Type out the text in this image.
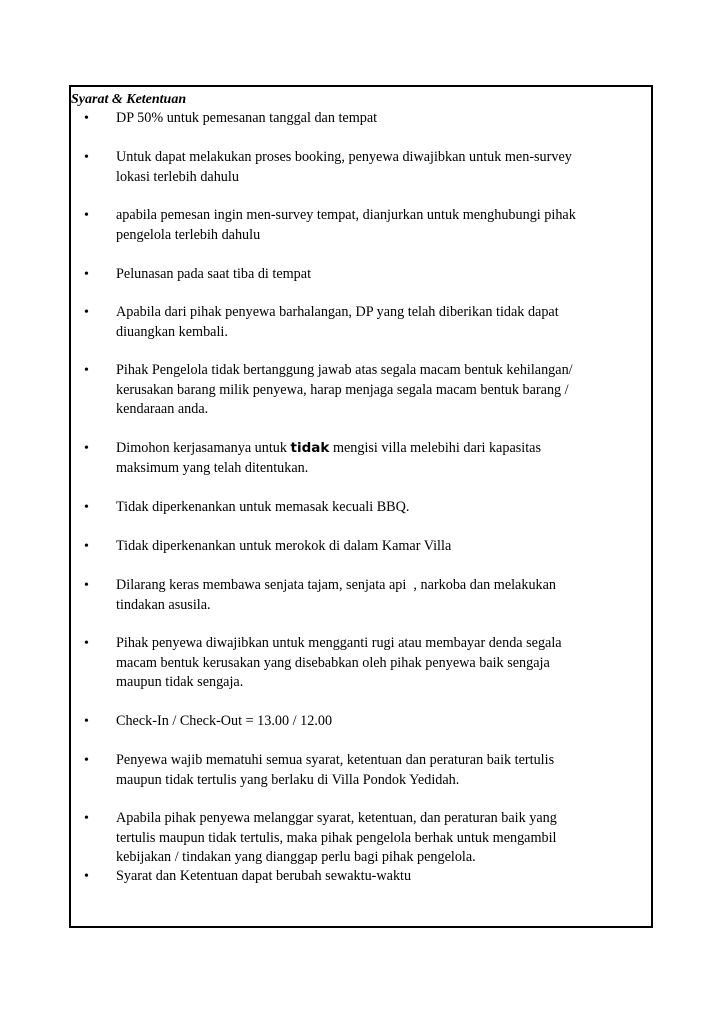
Syarat & Ketentuan
• DP 50% untuk pemesanan tanggal dan tempat
• Untuk dapat melakukan proses booking, penyewa diwajibkan untuk men-survey
lokasi terlebih dahulu
• apabila pemesan ingin men-survey tempat, dianjurkan untuk menghubungi pihak
pengelola terlebih dahulu
• Pelunasan pada saat tiba di tempat
• Apabila dari pihak penyewa barhalangan, DP yang telah diberikan tidak dapat
diuangkan kembali.
• Pihak Pengelola tidak bertanggung jawab atas segala macam bentuk kehilangan/
kerusakan barang milik penyewa, harap menjaga segala macam bentuk barang /
kendaraan anda.
• Dimohon kerjasamanya untuk tidak mengisi villa melebihi dari kapasitas
maksimum yang telah ditentukan.
• Tidak diperkenankan untuk memasak kecuali BBQ.
• Tidak diperkenankan untuk merokok di dalam Kamar Villa
• Dilarang keras membawa senjata tajam, senjata api  , narkoba dan melakukan
tindakan asusila.
• Pihak penyewa diwajibkan untuk mengganti rugi atau membayar denda segala
macam bentuk kerusakan yang disebabkan oleh pihak penyewa baik sengaja
maupun tidak sengaja.
• Check-In / Check-Out = 13.00 / 12.00
• Penyewa wajib mematuhi semua syarat, ketentuan dan peraturan baik tertulis
maupun tidak tertulis yang berlaku di Villa Pondok Yedidah.
• Apabila pihak penyewa melanggar syarat, ketentuan, dan peraturan baik yang
tertulis maupun tidak tertulis, maka pihak pengelola berhak untuk mengambil
kebijakan / tindakan yang dianggap perlu bagi pihak pengelola.
• Syarat dan Ketentuan dapat berubah sewaktu-waktu
